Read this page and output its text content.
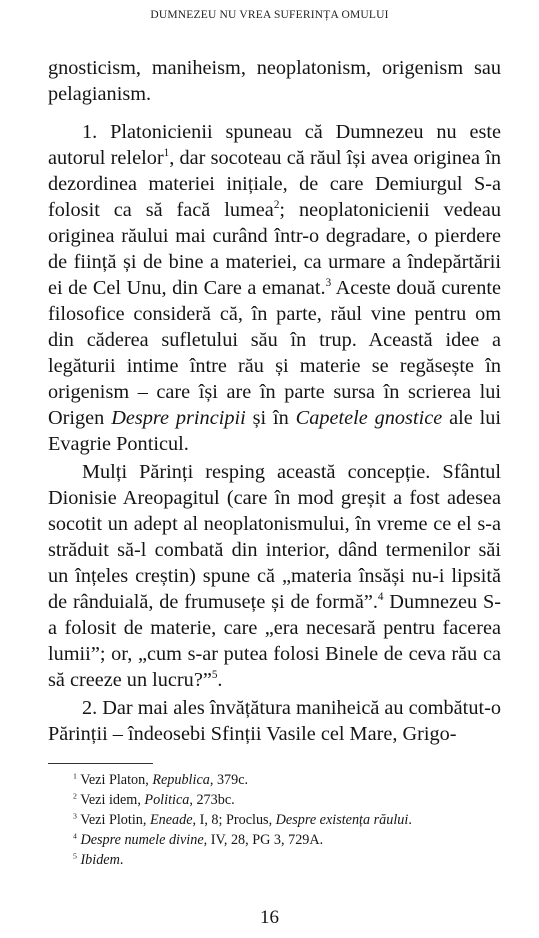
DUMNEZEU NU VREA SUFERINȚA OMULUI

gnosticism, maniheism, neoplatonism, origenism sau pelagianism.

1. Platonicienii spuneau că Dumnezeu nu este autorul relelor$^1$, dar socoteau că răul își avea originea în dezordinea materiei inițiale, de care Demiurgul S-a folosit ca să facă lumea$^2$; neoplatonicienii vedeau originea răului mai curând într-o degradare, o pierdere de ființă și de bine a materiei, ca urmare a îndepărtării ei de Cel Unu, din Care a emanat.$^3$ Aceste două curente filosofice consideră că, în parte, răul vine pentru om din căderea sufletului său în trup. Această idee a legăturii intime între rău și materie se regăsește în origenism – care își are în parte sursa în scrierea lui Origen Despre principii și în Capetele gnostice ale lui Evagrie Ponticul.

Mulți Părinți resping această concepție. Sfântul Dionisie Areopagitul (care în mod greșit a fost adesea socotit un adept al neoplatonismului, în vreme ce el s-a străduit să-l combată din interior, dând termenilor săi un înțeles creștin) spune că „materia însăși nu-i lipsită de rânduială, de frumusețe și de formă”.$^4$ Dumnezeu S-a folosit de materie, care „era necesară pentru facerea lumii”; or, „cum s-ar putea folosi Binele de ceva rău ca să creeze un lucru?”$^5$.

2. Dar mai ales învățătura maniheică au combătut-o Părinții – îndeosebi Sfinții Vasile cel Mare, Grigo-

$^1$ Vezi Platon, Republica, 379c.
$^2$ Vezi idem, Politica, 273bc.
$^3$ Vezi Plotin, Eneade, I, 8; Proclus, Despre existența răului.
$^4$ Despre numele divine, IV, 28, PG 3, 729A.
$^5$ Ibidem.
16
